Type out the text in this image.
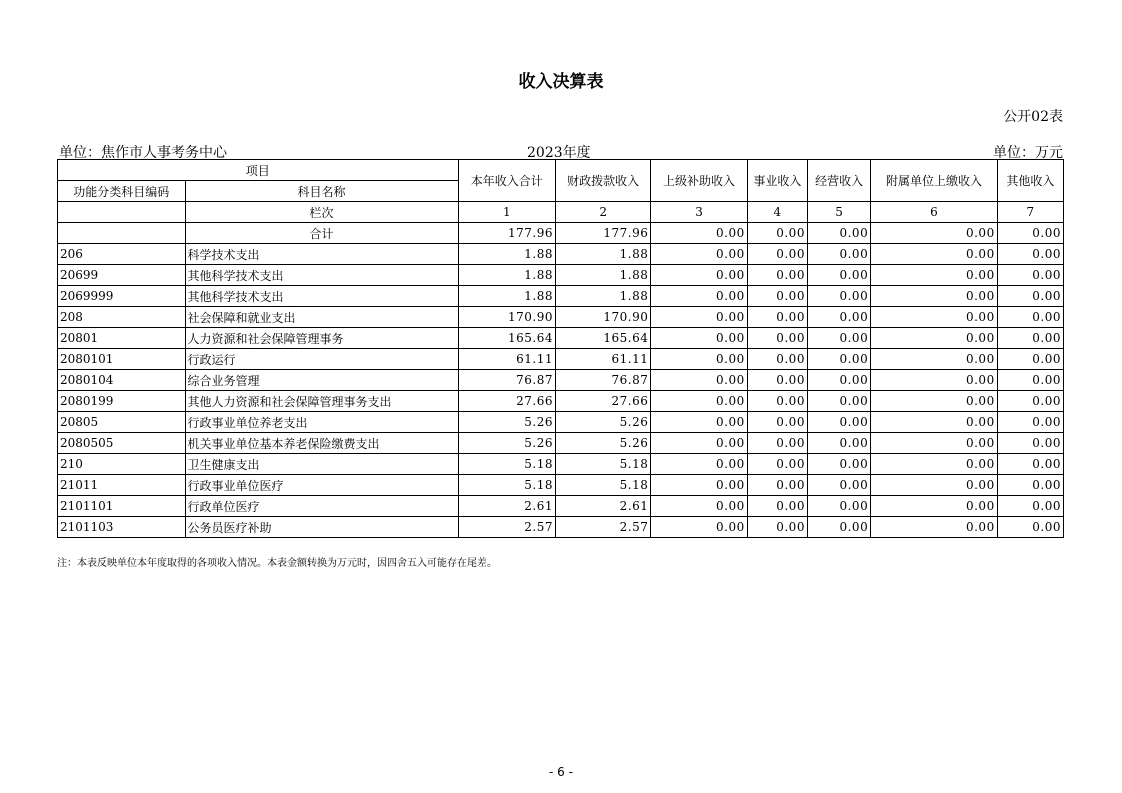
收入决算表
公开02表
单位：焦作市人事考务中心	2023年度	单位：万元
项目		本年收入合计	财政拨款收入	上级补助收入	事业收入	经营收入	附属单位上缴收入	其他收入
功能分类科目编码	科目名称							
	栏次	1	2	3	4	5	6	7
	合计	177.96	177.96	0.00	0.00	0.00	0.00	0.00
206	科学技术支出	1.88	1.88	0.00	0.00	0.00	0.00	0.00
20699	其他科学技术支出	1.88	1.88	0.00	0.00	0.00	0.00	0.00
2069999	其他科学技术支出	1.88	1.88	0.00	0.00	0.00	0.00	0.00
208	社会保障和就业支出	170.90	170.90	0.00	0.00	0.00	0.00	0.00
20801	人力资源和社会保障管理事务	165.64	165.64	0.00	0.00	0.00	0.00	0.00
2080101	行政运行	61.11	61.11	0.00	0.00	0.00	0.00	0.00
2080104	综合业务管理	76.87	76.87	0.00	0.00	0.00	0.00	0.00
2080199	其他人力资源和社会保障管理事务支出	27.66	27.66	0.00	0.00	0.00	0.00	0.00
20805	行政事业单位养老支出	5.26	5.26	0.00	0.00	0.00	0.00	0.00
2080505	机关事业单位基本养老保险缴费支出	5.26	5.26	0.00	0.00	0.00	0.00	0.00
210	卫生健康支出	5.18	5.18	0.00	0.00	0.00	0.00	0.00
21011	行政事业单位医疗	5.18	5.18	0.00	0.00	0.00	0.00	0.00
2101101	行政单位医疗	2.61	2.61	0.00	0.00	0.00	0.00	0.00
2101103	公务员医疗补助	2.57	2.57	0.00	0.00	0.00	0.00	0.00
注：本表反映单位本年度取得的各项收入情况。本表金额转换为万元时，因四舍五入可能存在尾差。
- 6 -
